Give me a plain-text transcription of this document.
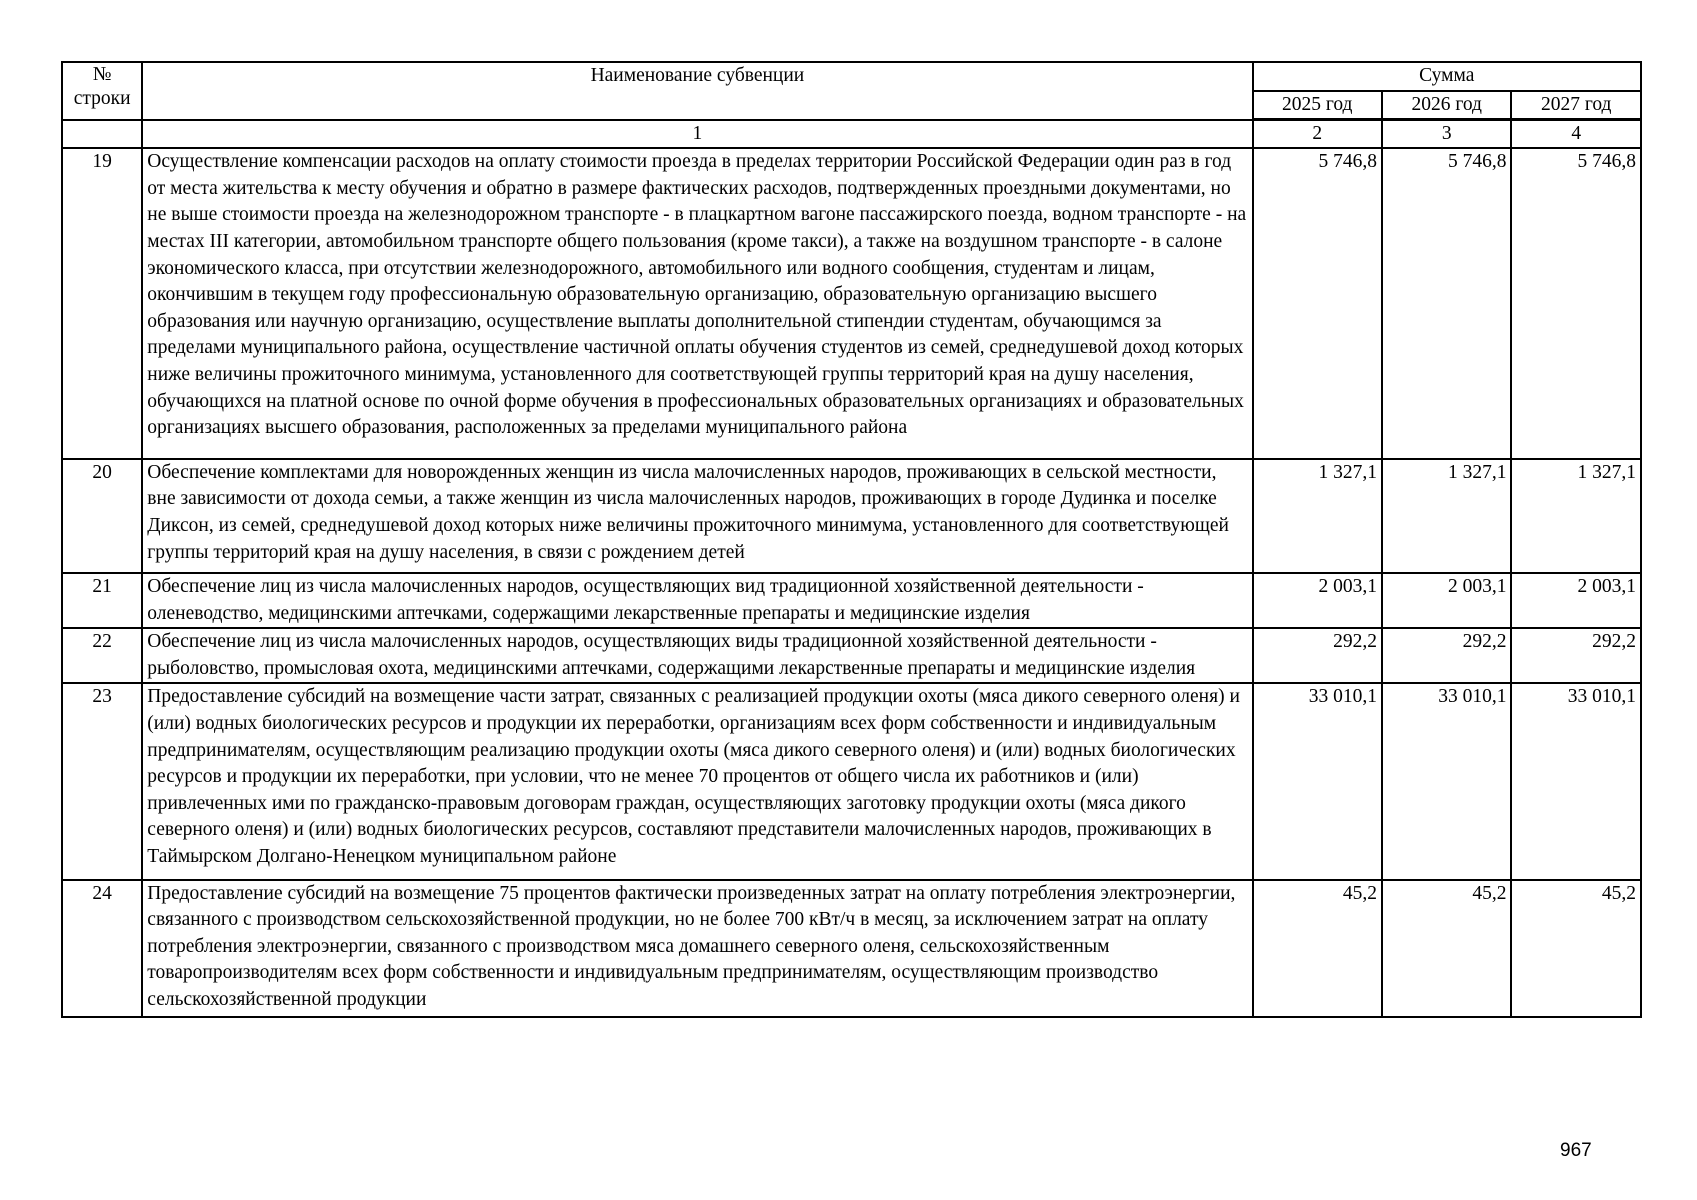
№ строки	Наименование субвенции	Сумма		
		2025 год	2026 год	2027 год
	1	2	3	4
19	Осуществление компенсации расходов на оплату стоимости проезда в пределах территории Российской Федерации один раз в год от места жительства к месту обучения и обратно в размере фактических расходов, подтвержденных проездными документами, но не выше стоимости проезда на железнодорожном транспорте - в плацкартном вагоне пассажирского поезда, водном транспорте - на местах III категории, автомобильном транспорте общего пользования (кроме такси), а также на воздушном транспорте - в салоне экономического класса, при отсутствии железнодорожного, автомобильного или водного сообщения, студентам и лицам, окончившим в текущем году профессиональную образовательную организацию, образовательную организацию высшего образования или научную организацию, осуществление выплаты дополнительной стипендии студентам, обучающимся за пределами муниципального района, осуществление частичной оплаты обучения студентов из семей, среднедушевой доход которых ниже величины прожиточного минимума, установленного для соответствующей группы территорий края на душу населения, обучающихся на платной основе по очной форме обучения в профессиональных образовательных организациях и образовательных организациях высшего образования, расположенных за пределами муниципального района	5 746,8	5 746,8	5 746,8
20	Обеспечение комплектами для новорожденных женщин из числа малочисленных народов, проживающих в сельской местности, вне зависимости от дохода семьи, а также женщин из числа малочисленных народов, проживающих в городе Дудинка и поселке Диксон, из семей, среднедушевой доход которых ниже величины прожиточного минимума, установленного для соответствующей группы территорий края на душу населения, в связи с рождением детей	1 327,1	1 327,1	1 327,1
21	Обеспечение лиц из числа малочисленных народов, осуществляющих вид традиционной хозяйственной деятельности - оленеводство, медицинскими аптечками, содержащими лекарственные препараты и медицинские изделия	2 003,1	2 003,1	2 003,1
22	Обеспечение лиц из числа малочисленных народов, осуществляющих виды традиционной хозяйственной деятельности - рыболовство, промысловая охота, медицинскими аптечками, содержащими лекарственные препараты и медицинские изделия	292,2	292,2	292,2
23	Предоставление субсидий на возмещение части затрат, связанных с реализацией продукции охоты (мяса дикого северного оленя) и (или) водных биологических ресурсов и продукции их переработки, организациям всех форм собственности и индивидуальным предпринимателям, осуществляющим реализацию продукции охоты (мяса дикого северного оленя) и (или) водных биологических ресурсов и продукции их переработки, при условии, что не менее 70 процентов от общего числа их работников и (или) привлеченных ими по гражданско-правовым договорам граждан, осуществляющих заготовку продукции охоты (мяса дикого северного оленя) и (или) водных биологических ресурсов, составляют представители малочисленных народов, проживающих в Таймырском Долгано-Ненецком муниципальном районе	33 010,1	33 010,1	33 010,1
24	Предоставление субсидий на возмещение 75 процентов фактически произведенных затрат на оплату потребления электроэнергии, связанного с производством сельскохозяйственной продукции, но не более 700 кВт/ч в месяц, за исключением затрат на оплату потребления электроэнергии, связанного с производством мяса домашнего северного оленя, сельскохозяйственным товаропроизводителям всех форм собственности и индивидуальным предпринимателям, осуществляющим производство сельскохозяйственной продукции	45,2	45,2	45,2
967
